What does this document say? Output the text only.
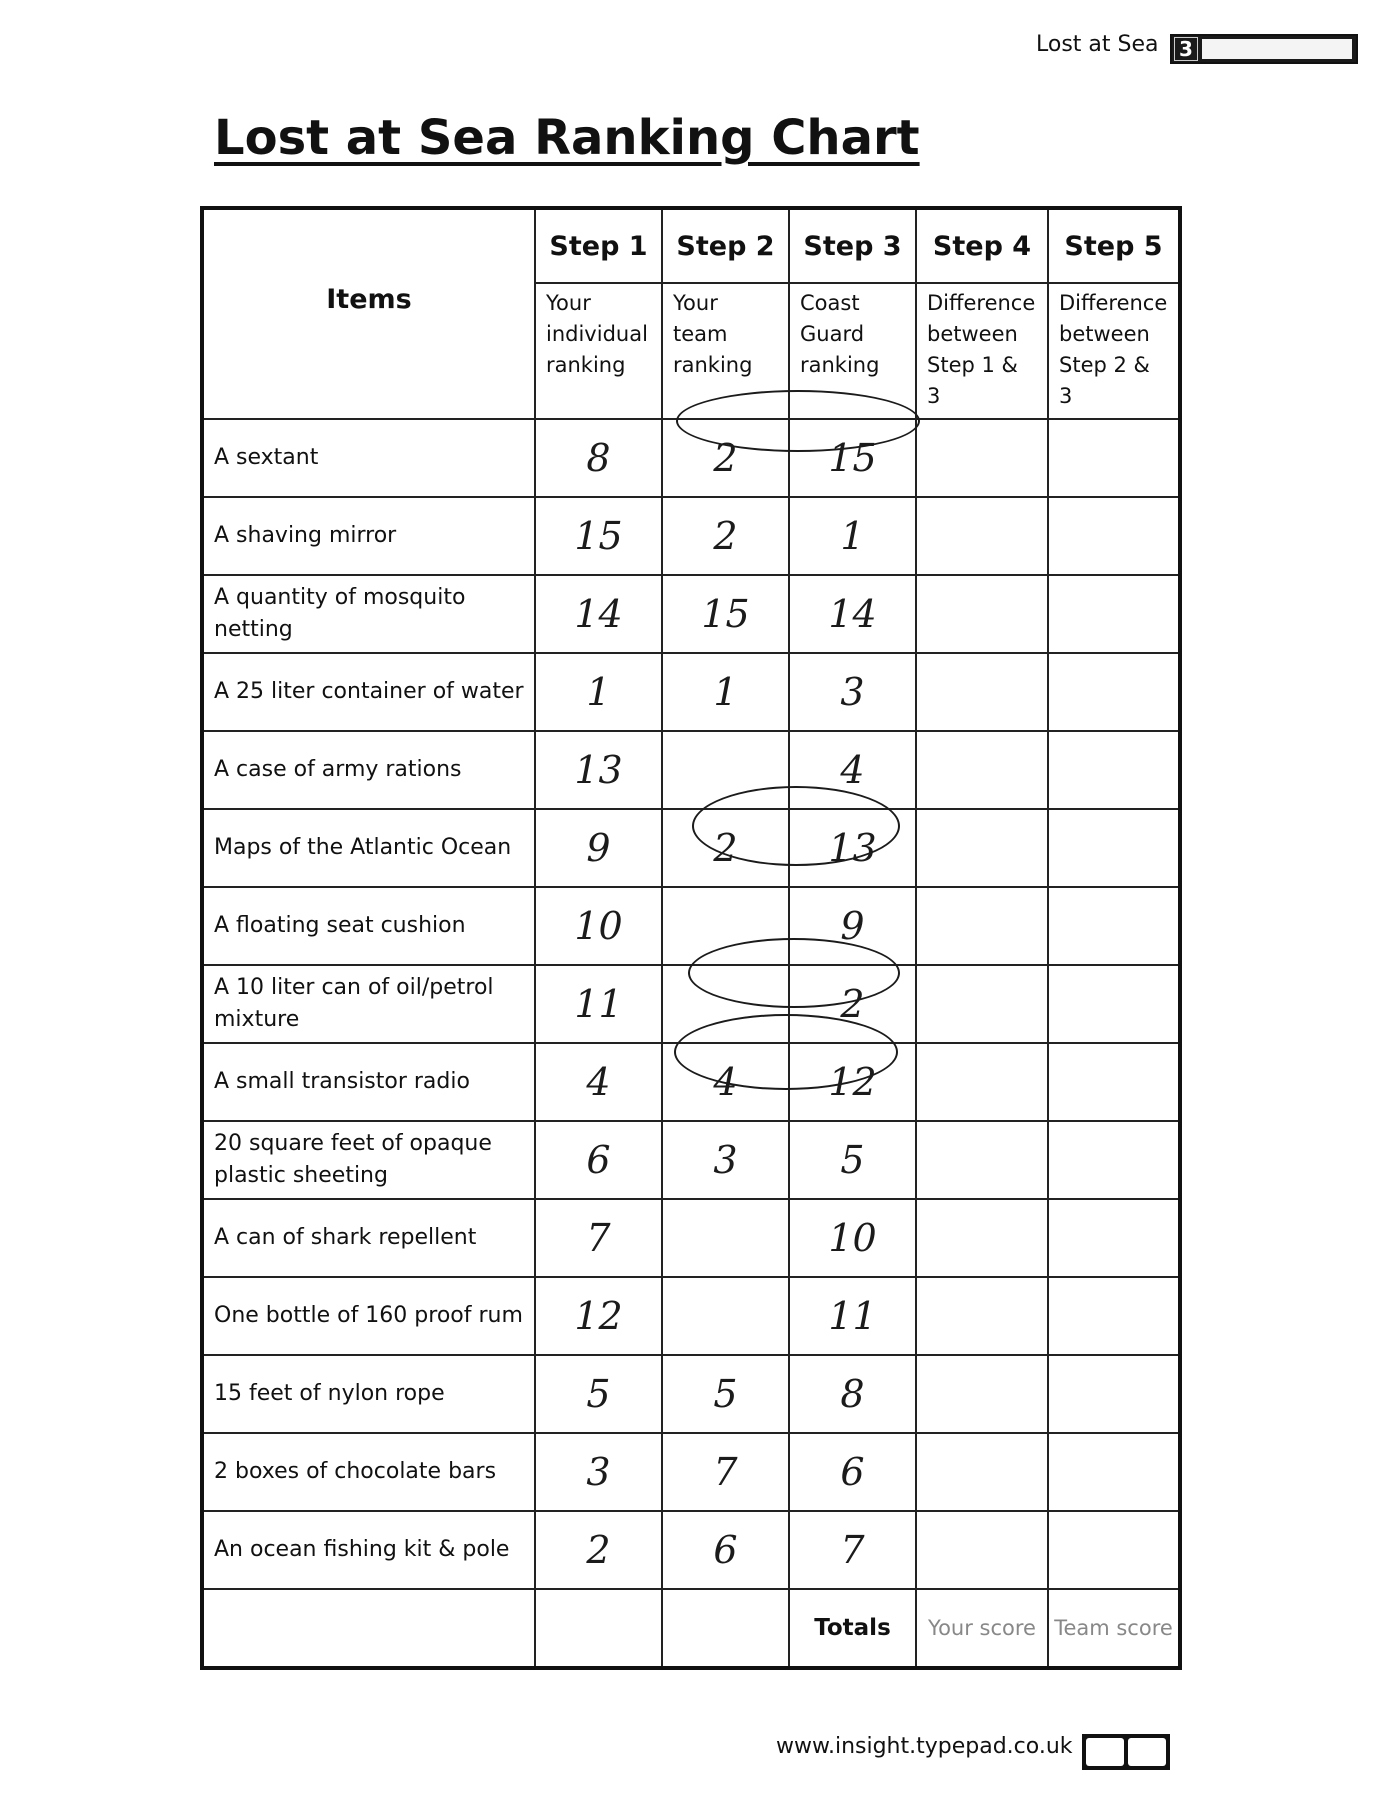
Lost at Sea 3
Lost at Sea Ranking Chart
Items	Step 1	Step 2	Step 3	Step 4	Step 5
	Your individual ranking	Your team ranking	Coast Guard ranking	Difference between Step 1 & 3	Difference between Step 2 & 3
A sextant	8	2	15		
A shaving mirror	15	2	1		
A quantity of mosquito netting	14	15	14		
A 25 liter container of water	1	1	3		
A case of army rations	13		4		
Maps of the Atlantic Ocean	9	2	13		
A floating seat cushion	10		9		
A 10 liter can of oil/petrol mixture	11		2		
A small transistor radio	4	4	12		
20 square feet of opaque plastic sheeting	6	3	5		
A can of shark repellent	7		10		
One bottle of 160 proof rum	12		11		
15 feet of nylon rope	5	5	8		
2 boxes of chocolate bars	3	7	6		
An ocean fishing kit & pole	2	6	7		
			Totals	Your score	Team score
www.insight.typepad.co.uk
